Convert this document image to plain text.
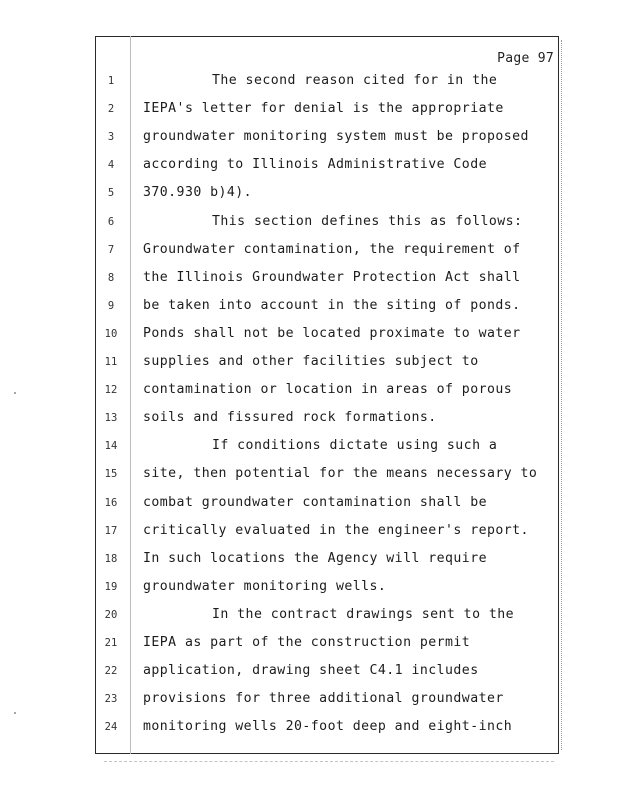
Page 97
1	The second reason cited for in the
2	IEPA's letter for denial is the appropriate
3	groundwater monitoring system must be proposed
4	according to Illinois Administrative Code
5	370.930 b)4).
6	This section defines this as follows:
7	Groundwater contamination, the requirement of
8	the Illinois Groundwater Protection Act shall
9	be taken into account in the siting of ponds.
10	Ponds shall not be located proximate to water
11	supplies and other facilities subject to
12	contamination or location in areas of porous
13	soils and fissured rock formations.
14	If conditions dictate using such a
15	site, then potential for the means necessary to
16	combat groundwater contamination shall be
17	critically evaluated in the engineer's report.
18	In such locations the Agency will require
19	groundwater monitoring wells.
20	In the contract drawings sent to the
21	IEPA as part of the construction permit
22	application, drawing sheet C4.1 includes
23	provisions for three additional groundwater
24	monitoring wells 20-foot deep and eight-inch
